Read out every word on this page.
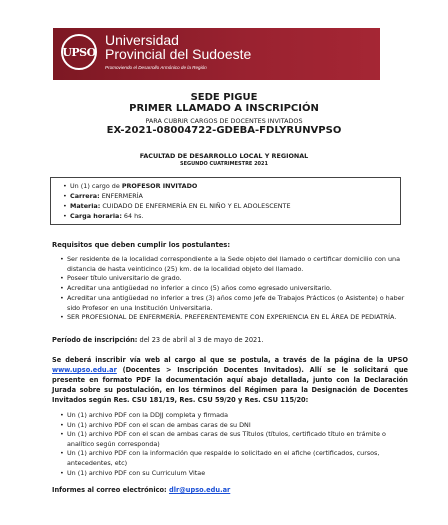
UPSO
Universidad
Provincial del Sudoeste
Promoviendo el Desarrollo Armónico de la Región
SEDE PIGUE
PRIMER LLAMADO A INSCRIPCIÓN
PARA CUBRIR CARGOS DE DOCENTES INVITADOS
EX-2021-08004722-GDEBA-FDLYRUNVPSO
FACULTAD DE DESARROLLO LOCAL Y REGIONAL
SEGUNDO CUATRIMESTRE 2021
• Un (1) cargo de PROFESOR INVITADO
• Carrera: ENFERMERÍA
• Materia: CUIDADO DE ENFERMERÍA EN EL NIÑO Y EL ADOLESCENTE
• Carga horaria: 64 hs.
Requisitos que deben cumplir los postulantes:
• Ser residente de la localidad correspondiente a la Sede objeto del llamado o certificar domicilio con una
distancia de hasta veinticinco (25) km. de la localidad objeto del llamado.
• Poseer título universitario de grado.
• Acreditar una antigüedad no inferior a cinco (5) años como egresado universitario.
• Acreditar una antigüedad no inferior a tres (3) años como Jefe de Trabajos Prácticos (o Asistente) o haber
sido Profesor en una Institución Universitaria.
• SER PROFESIONAL DE ENFERMERÍA. PREFERENTEMENTE CON EXPERIENCIA EN EL ÁREA DE PEDIATRÍA.
Período de inscripción: del 23 de abril al 3 de mayo de 2021.
Se deberá inscribir vía web al cargo al que se postula, a través de la página de la UPSO www.upso.edu.ar (Docentes > Inscripción Docentes Invitados). Allí se le solicitará que presente en formato PDF la documentación aquí abajo detallada, junto con la Declaración Jurada sobre su postulación, en los términos del Régimen para la Designación de Docentes Invitados según Res. CSU 181/19, Res. CSU 59/20 y Res. CSU 115/20:
• Un (1) archivo PDF con la DDJJ completa y firmada
• Un (1) archivo PDF con el scan de ambas caras de su DNI
• Un (1) archivo PDF con el scan de ambas caras de sus Títulos (títulos, certificado título en trámite o
analítico según corresponda)
• Un (1) archivo PDF con la información que respalde lo solicitado en el afiche (certificados, cursos,
antecedentes, etc)
• Un (1) archivo PDF con su Curriculum Vitae
Informes al correo electrónico: dlr@upso.edu.ar
